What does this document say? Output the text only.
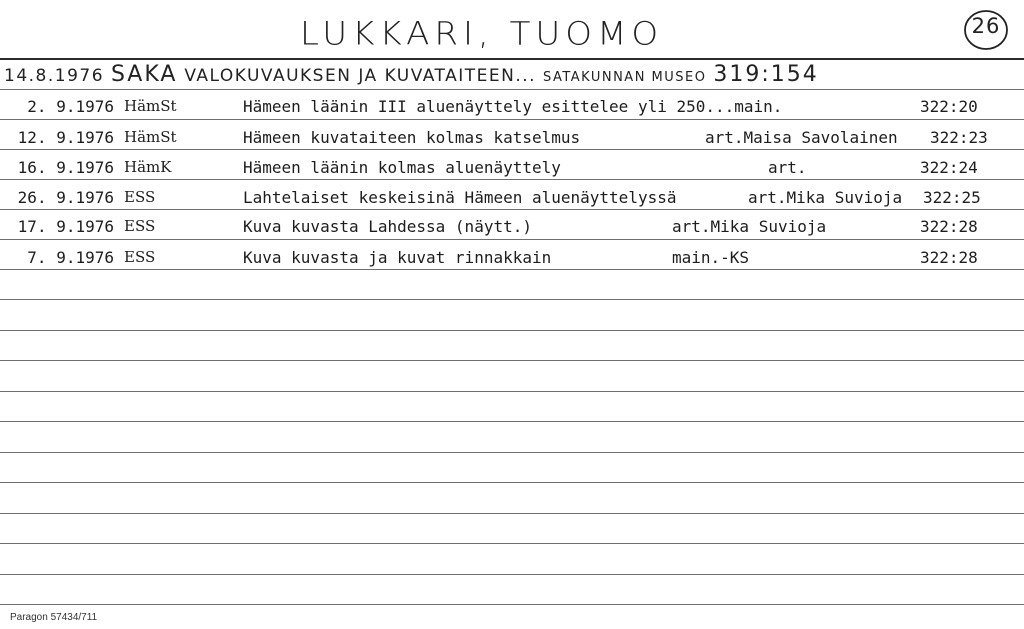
LUKKARI, TUOMO	26
14.8.1976 SAKA VALOKUVAUKSEN JA KUVATAITEEN... SATAKUNNAN MUSEO 319:154
2. 9.1976 HämSt	Hämeen läänin III aluenäyttely esittelee yli 250...main.	322:20
12. 9.1976 HämSt	Hämeen kuvataiteen kolmas katselmus	art.Maisa Savolainen 322:23
16. 9.1976 HämK	Hämeen läänin kolmas aluenäyttely	art.	322:24
26. 9.1976 ESS	Lahtelaiset keskeisinä Hämeen aluenäyttelyssä	art.Mika Suvioja 322:25
17. 9.1976 ESS	Kuva kuvasta Lahdessa (näytt.)	art.Mika Suvioja	322:28
7. 9.1976 ESS	Kuva kuvasta ja kuvat rinnakkain	main.-KS	322:28
Paragon 57434/711
